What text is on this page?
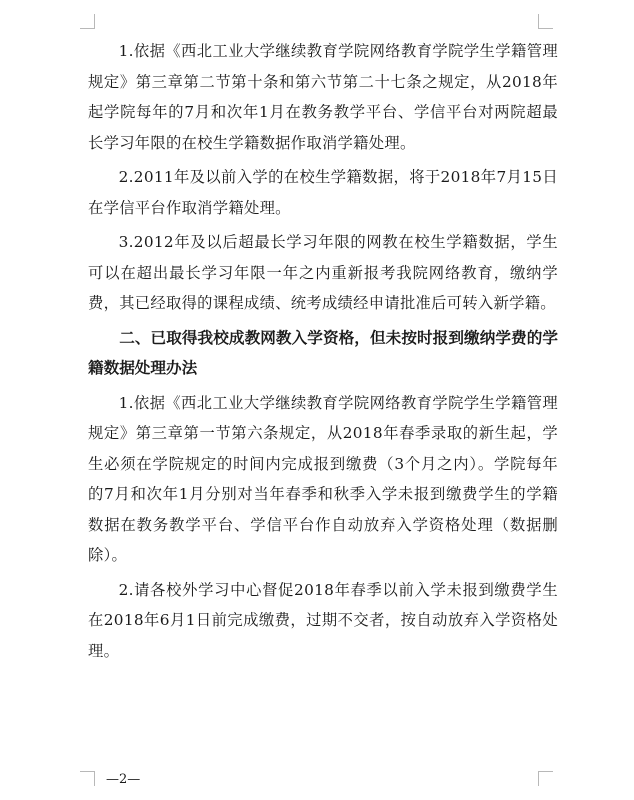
1.依据《西北工业大学继续教育学院网络教育学院学生学籍管理规定》第三章第二节第十条和第六节第二十七条之规定，从2018年起学院每年的7月和次年1月在教务教学平台、学信平台对两院超最长学习年限的在校生学籍数据作取消学籍处理。

2.2011年及以前入学的在校生学籍数据，将于2018年7月15日在学信平台作取消学籍处理。

3.2012年及以后超最长学习年限的网教在校生学籍数据，学生可以在超出最长学习年限一年之内重新报考我院网络教育，缴纳学费，其已经取得的课程成绩、统考成绩经申请批准后可转入新学籍。

二、已取得我校成教网教入学资格，但未按时报到缴纳学费的学籍数据处理办法

1.依据《西北工业大学继续教育学院网络教育学院学生学籍管理规定》第三章第一节第六条规定，从2018年春季录取的新生起，学生必须在学院规定的时间内完成报到缴费（3个月之内）。学院每年的7月和次年1月分别对当年春季和秋季入学未报到缴费学生的学籍数据在教务教学平台、学信平台作自动放弃入学资格处理（数据删除）。

2.请各校外学习中心督促2018年春季以前入学未报到缴费学生在2018年6月1日前完成缴费，过期不交者，按自动放弃入学资格处理。

—2—
